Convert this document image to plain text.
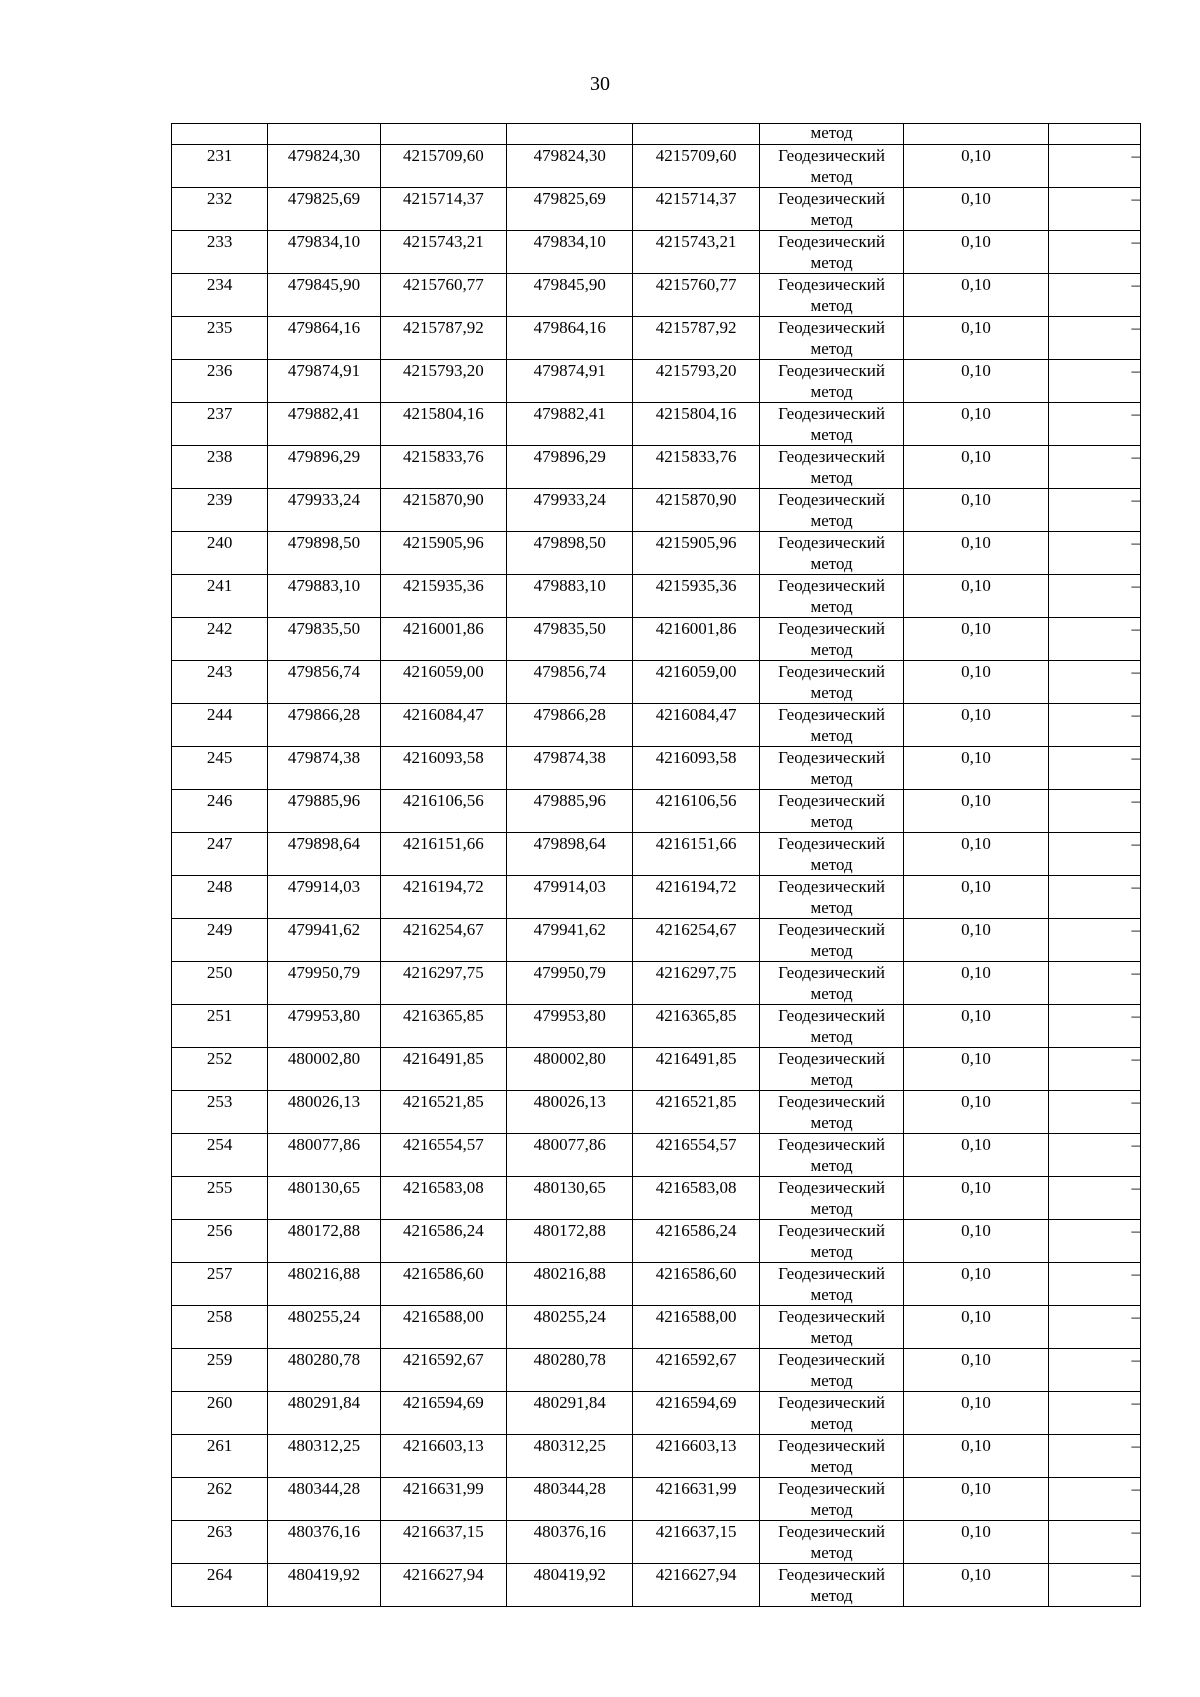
30
					метод		
231	479824,30	4215709,60	479824,30	4215709,60	Геодезический
метод	0,10	–
232	479825,69	4215714,37	479825,69	4215714,37	Геодезический
метод	0,10	–
233	479834,10	4215743,21	479834,10	4215743,21	Геодезический
метод	0,10	–
234	479845,90	4215760,77	479845,90	4215760,77	Геодезический
метод	0,10	–
235	479864,16	4215787,92	479864,16	4215787,92	Геодезический
метод	0,10	–
236	479874,91	4215793,20	479874,91	4215793,20	Геодезический
метод	0,10	–
237	479882,41	4215804,16	479882,41	4215804,16	Геодезический
метод	0,10	–
238	479896,29	4215833,76	479896,29	4215833,76	Геодезический
метод	0,10	–
239	479933,24	4215870,90	479933,24	4215870,90	Геодезический
метод	0,10	–
240	479898,50	4215905,96	479898,50	4215905,96	Геодезический
метод	0,10	–
241	479883,10	4215935,36	479883,10	4215935,36	Геодезический
метод	0,10	–
242	479835,50	4216001,86	479835,50	4216001,86	Геодезический
метод	0,10	–
243	479856,74	4216059,00	479856,74	4216059,00	Геодезический
метод	0,10	–
244	479866,28	4216084,47	479866,28	4216084,47	Геодезический
метод	0,10	–
245	479874,38	4216093,58	479874,38	4216093,58	Геодезический
метод	0,10	–
246	479885,96	4216106,56	479885,96	4216106,56	Геодезический
метод	0,10	–
247	479898,64	4216151,66	479898,64	4216151,66	Геодезический
метод	0,10	–
248	479914,03	4216194,72	479914,03	4216194,72	Геодезический
метод	0,10	–
249	479941,62	4216254,67	479941,62	4216254,67	Геодезический
метод	0,10	–
250	479950,79	4216297,75	479950,79	4216297,75	Геодезический
метод	0,10	–
251	479953,80	4216365,85	479953,80	4216365,85	Геодезический
метод	0,10	–
252	480002,80	4216491,85	480002,80	4216491,85	Геодезический
метод	0,10	–
253	480026,13	4216521,85	480026,13	4216521,85	Геодезический
метод	0,10	–
254	480077,86	4216554,57	480077,86	4216554,57	Геодезический
метод	0,10	–
255	480130,65	4216583,08	480130,65	4216583,08	Геодезический
метод	0,10	–
256	480172,88	4216586,24	480172,88	4216586,24	Геодезический
метод	0,10	–
257	480216,88	4216586,60	480216,88	4216586,60	Геодезический
метод	0,10	–
258	480255,24	4216588,00	480255,24	4216588,00	Геодезический
метод	0,10	–
259	480280,78	4216592,67	480280,78	4216592,67	Геодезический
метод	0,10	–
260	480291,84	4216594,69	480291,84	4216594,69	Геодезический
метод	0,10	–
261	480312,25	4216603,13	480312,25	4216603,13	Геодезический
метод	0,10	–
262	480344,28	4216631,99	480344,28	4216631,99	Геодезический
метод	0,10	–
263	480376,16	4216637,15	480376,16	4216637,15	Геодезический
метод	0,10	–
264	480419,92	4216627,94	480419,92	4216627,94	Геодезический
метод	0,10	–
